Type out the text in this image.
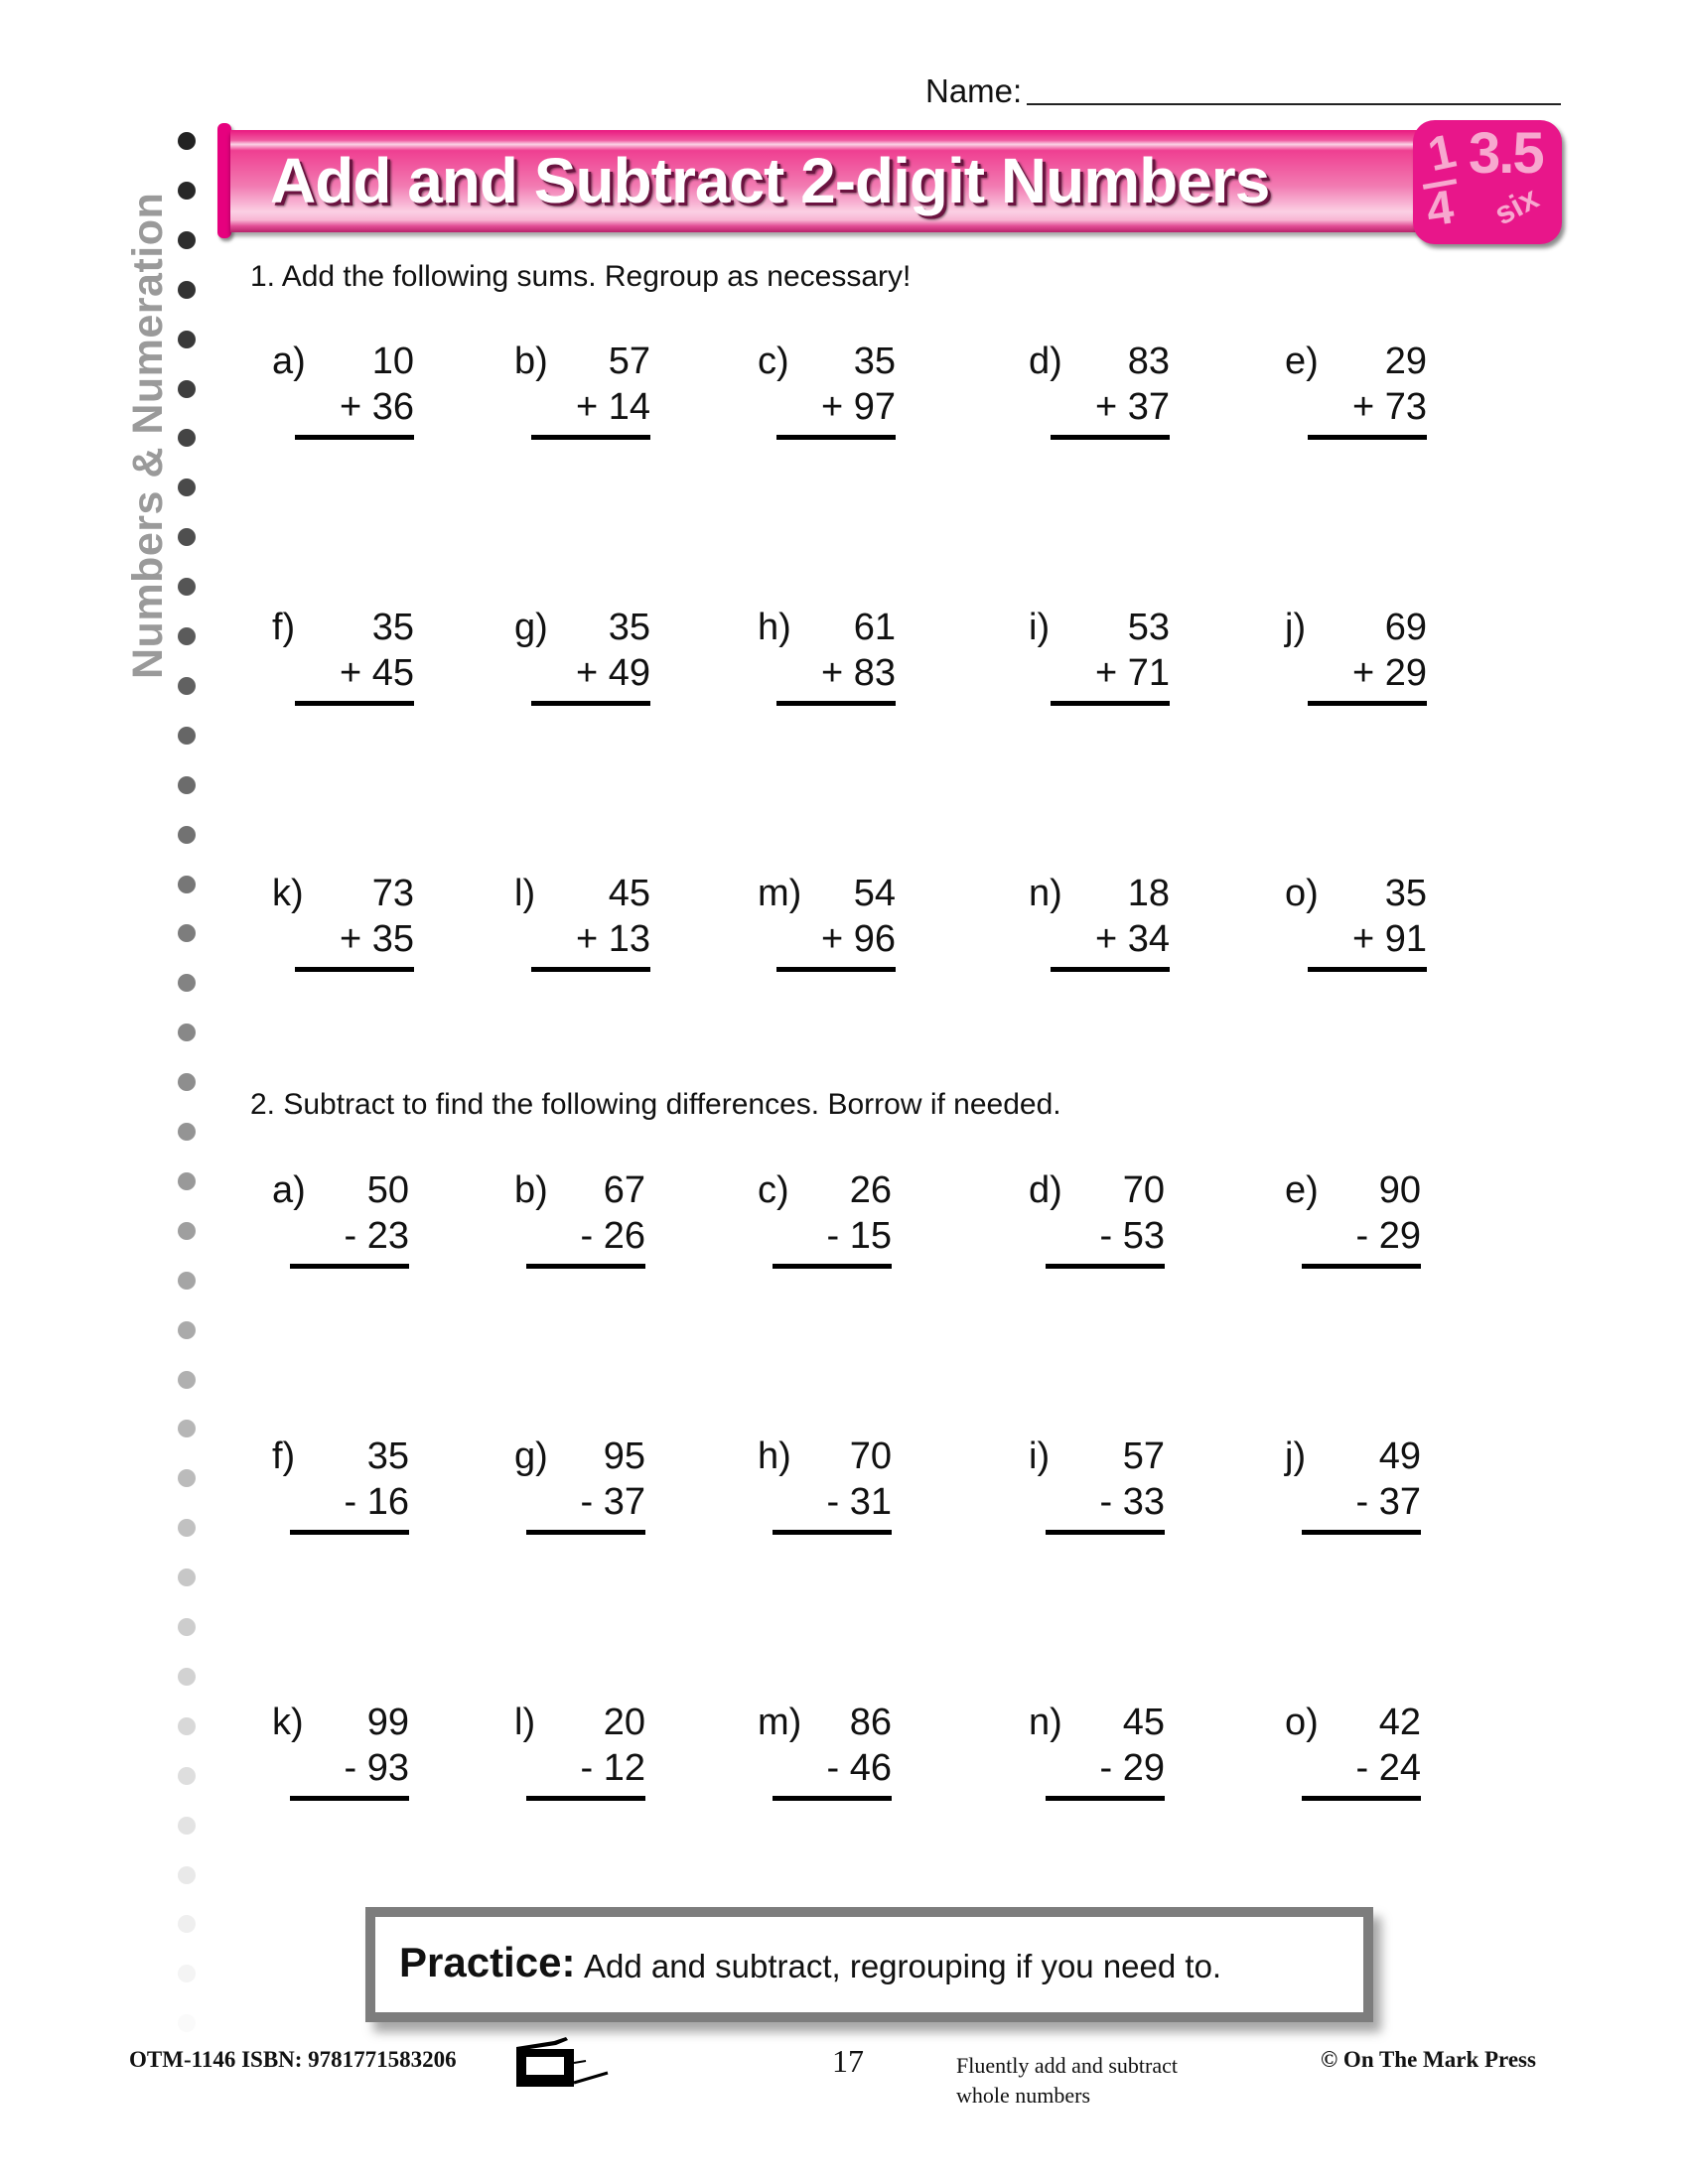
Name:
Numbers & Numeration
Add and Subtract 2-digit Numbers	1
4
3.5
six
1. Add the following sums. Regroup as necessary!
2. Subtract to find the following differences. Borrow if needed.
a)	10
+ 36
b)	57
+ 14
c)	35
+ 97
d)	83
+ 37
e)	29
+ 73
f)	35
+ 45
g)	35
+ 49
h)	61
+ 83
i)	53
+ 71
j)	69
+ 29
k)	73
+ 35
l)	45
+ 13
m)	54
+ 96
n)	18
+ 34
o)	35
+ 91
a)	50
- 23
b)	67
- 26
c)	26
- 15
d)	70
- 53
e)	90
- 29
f)	35
- 16
g)	95
- 37
h)	70
- 31
i)	57
- 33
j)	49
- 37
k)	99
- 93
l)	20
- 12
m)	86
- 46
n)	45
- 29
o)	42
- 24
Practice: Add and subtract, regrouping if you need to.
OTM-1146 ISBN: 9781771583206	17	Fluently add and subtract
whole numbers
© On The Mark Press
